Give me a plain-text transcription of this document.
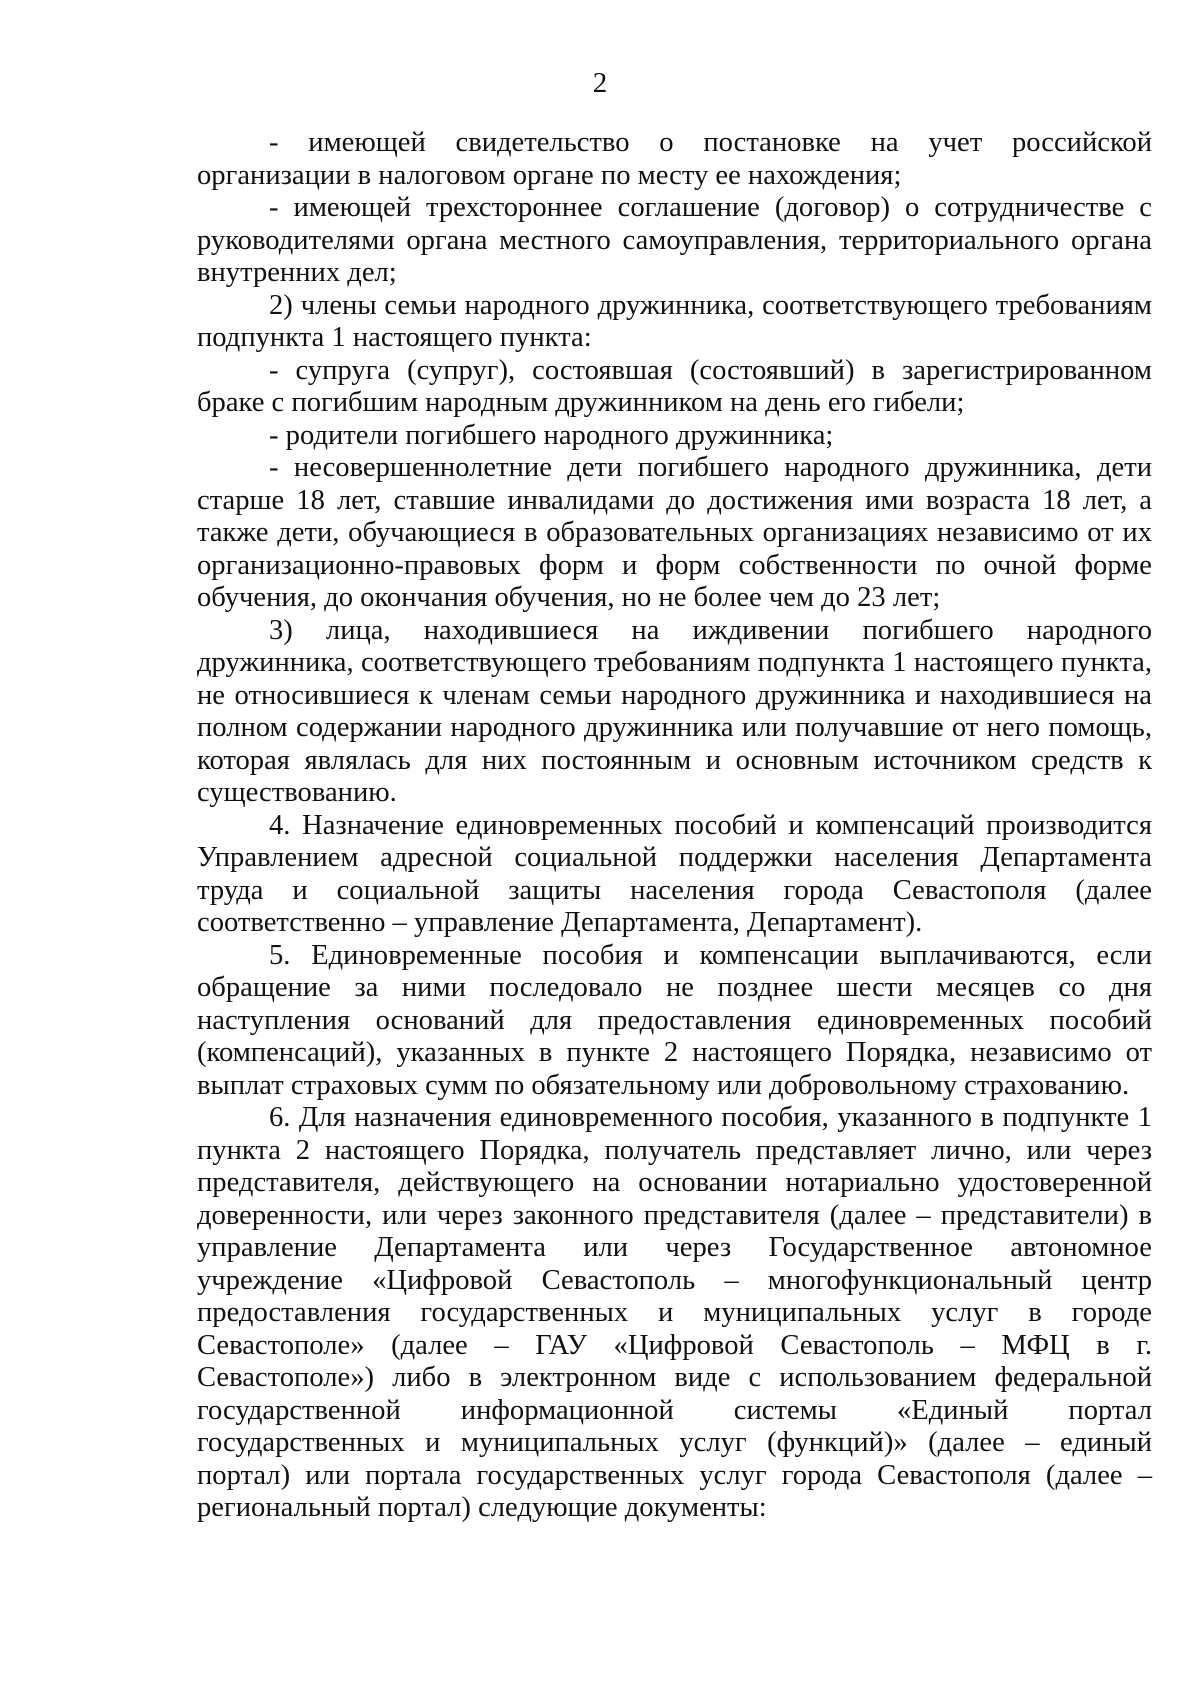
2

- имеющей свидетельство о постановке на учет российской организации в налоговом органе по месту ее нахождения;

- имеющей трехстороннее соглашение (договор) о сотрудничестве с руководителями органа местного самоуправления, территориального органа внутренних дел;

2) члены семьи народного дружинника, соответствующего требованиям подпункта 1 настоящего пункта:

- супруга (супруг), состоявшая (состоявший) в зарегистрированном браке с погибшим народным дружинником на день его гибели;

- родители погибшего народного дружинника;

- несовершеннолетние дети погибшего народного дружинника, дети старше 18 лет, ставшие инвалидами до достижения ими возраста 18 лет, а также дети, обучающиеся в образовательных организациях независимо от их организационно-правовых форм и форм собственности по очной форме обучения, до окончания обучения, но не более чем до 23 лет;

3) лица, находившиеся на иждивении погибшего народного дружинника, соответствующего требованиям подпункта 1 настоящего пункта, не относившиеся к членам семьи народного дружинника и находившиеся на полном содержании народного дружинника или получавшие от него помощь, которая являлась для них постоянным и основным источником средств к существованию.

4. Назначение единовременных пособий и компенсаций производится Управлением адресной социальной поддержки населения Департамента труда и социальной защиты населения города Севастополя (далее соответственно – управление Департамента, Департамент).

5. Единовременные пособия и компенсации выплачиваются, если обращение за ними последовало не позднее шести месяцев со дня наступления оснований для предоставления единовременных пособий (компенсаций), указанных в пункте 2 настоящего Порядка, независимо от выплат страховых сумм по обязательному или добровольному страхованию.

6. Для назначения единовременного пособия, указанного в подпункте 1 пункта 2 настоящего Порядка, получатель представляет лично, или через представителя, действующего на основании нотариально удостоверенной доверенности, или через законного представителя (далее – представители) в управление Департамента или через Государственное автономное учреждение «Цифровой Севастополь – многофункциональный центр предоставления государственных и муниципальных услуг в городе Севастополе» (далее – ГАУ «Цифровой Севастополь – МФЦ в г. Севастополе») либо в электронном виде с использованием федеральной государственной информационной системы «Единый портал государственных и муниципальных услуг (функций)» (далее – единый портал) или портала государственных услуг города Севастополя (далее – региональный портал) следующие документы:
